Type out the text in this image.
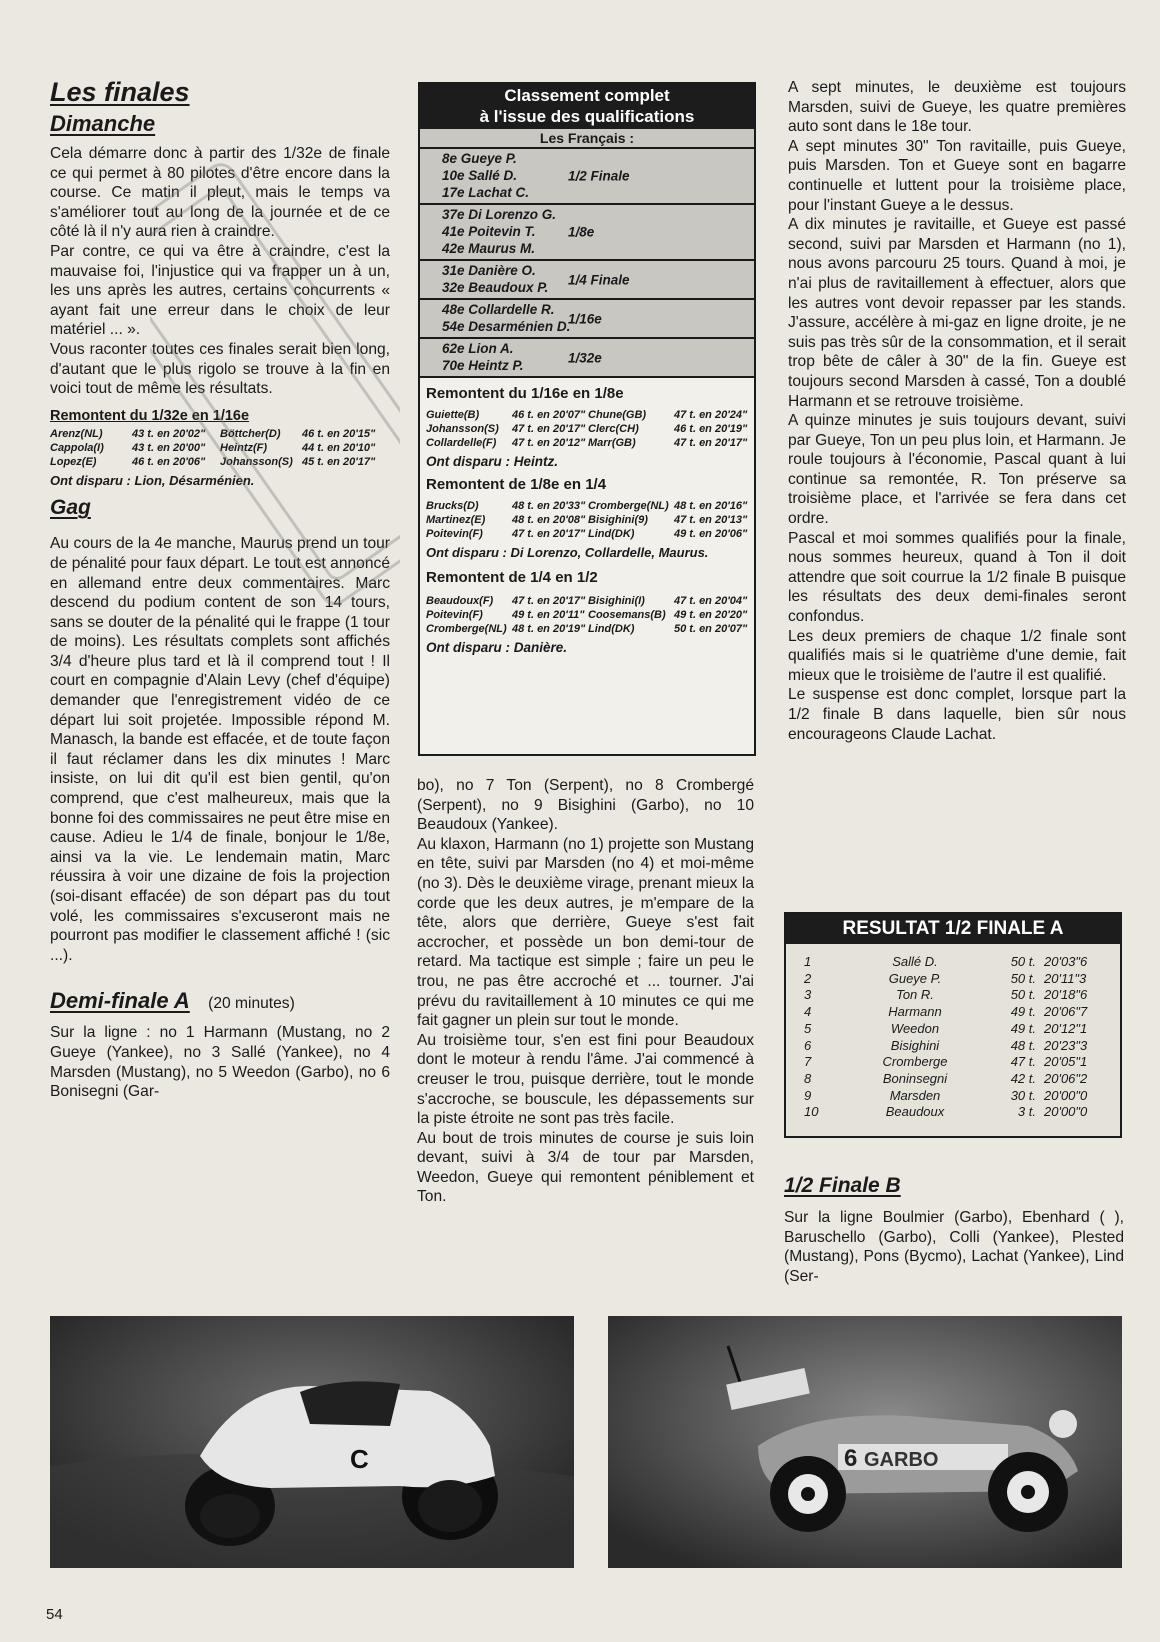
Les finales
Dimanche

Cela démarre donc à partir des 1/32e de finale ce qui permet à 80 pilotes d'être encore dans la course. Ce matin il pleut, mais le temps va s'améliorer tout au long de la journée et de ce côté là il n'y aura rien à craindre.

Par contre, ce qui va être à craindre, c'est la mauvaise foi, l'injustice qui va frapper un à un, les uns après les autres, certains concurrents « ayant fait une erreur dans le choix de leur matériel ... ».

Vous raconter toutes ces finales serait bien long, d'autant que le plus rigolo se trouve à la fin en voici tout de même les résultats.

Remontent du 1/32e en 1/16e
Arenz(NL)	43 t. en 20'02"	Böttcher(D)	46 t. en 20'15"
Cappola(I)	43 t. en 20'00"	Heintz(F)	44 t. en 20'10"
Lopez(E)	46 t. en 20'06"	Johansson(S) 45 t. en 20'17"
Ont disparu : Lion, Désarménien.
Gag

Au cours de la 4e manche, Maurus prend un tour de pénalité pour faux départ. Le tout est annoncé en allemand entre deux commentaires. Marc descend du podium content de son 14 tours, sans se douter de la pénalité qui le frappe (1 tour de moins). Les résultats complets sont affichés 3/4 d'heure plus tard et là il comprend tout ! Il court en compagnie d'Alain Levy (chef d'équipe) demander que l'enregistrement vidéo de ce départ lui soit projetée. Impossible répond M. Manasch, la bande est effacée, et de toute façon il faut réclamer dans les dix minutes ! Marc insiste, on lui dit qu'il est bien gentil, qu'on comprend, que c'est malheureux, mais que la bonne foi des commissaires ne peut être mise en cause. Adieu le 1/4 de finale, bonjour le 1/8e, ainsi va la vie. Le lendemain matin, Marc réussira à voir une dizaine de fois la projection (soi-disant effacée) de son départ pas du tout volé, les commissaires s'excuseront mais ne pourront pas modifier le classement affiché ! (sic ...).

Demi-finale A (20 minutes)

Sur la ligne : no 1 Harmann (Mustang, no 2 Gueye (Yankee), no 3 Sallé (Yankee), no 4 Marsden (Mustang), no 5 Weedon (Garbo), no 6 Bonisegni (Gar-

Classement complet
à l'issue des qualifications
Les Français :
8e Gueye P.
10e Sallé D.
17e Lachat C.
1/2 Finale
37e Di Lorenzo G.
41e Poitevin T.
42e Maurus M.
1/8e
31e Danière O.
32e Beaudoux P.
1/4 Finale
48e Collardelle R.
54e Desarménien D.
1/16e
62e Lion A.
70e Heintz P.
1/32e
Remontent du 1/16e en 1/8e
Guiette(B)	46 t. en 20'07" Chune(GB)	47 t. en 20'24"
Johansson(S)	47 t. en 20'17" Clerc(CH)	46 t. en 20'19"
Collardelle(F)	47 t. en 20'12" Marr(GB)	47 t. en 20'17"
Ont disparu : Heintz.
Remontent de 1/8e en 1/4
Brucks(D)	48 t. en 20'33" Cromberge(NL) 48 t. en 20'16"
Martinez(E)	48 t. en 20'08" Bisighini(9)	47 t. en 20'13"
Poitevin(F)	47 t. en 20'17" Lind(DK)	49 t. en 20'06"
Ont disparu : Di Lorenzo, Collardelle, Maurus.
Remontent de 1/4 en 1/2
Beaudoux(F)	47 t. en 20'17" Bisighini(I)	47 t. en 20'04"
Poitevin(F)	49 t. en 20'11" Coosemans(B) 49 t. en 20'20"
Cromberge(NL) 48 t. en 20'19" Lind(DK)	50 t. en 20'07"
Ont disparu : Danière.

bo), no 7 Ton (Serpent), no 8 Crombergé (Serpent), no 9 Bisighini (Garbo), no 10 Beaudoux (Yankee).

Au klaxon, Harmann (no 1) projette son Mustang en tête, suivi par Marsden (no 4) et moi-même (no 3). Dès le deuxième virage, prenant mieux la corde que les deux autres, je m'empare de la tête, alors que derrière, Gueye s'est fait accrocher, et possède un bon demi-tour de retard. Ma tactique est simple ; faire un peu le trou, ne pas être accroché et ... tourner. J'ai prévu du ravitaillement à 10 minutes ce qui me fait gagner un plein sur tout le monde.

Au troisième tour, s'en est fini pour Beaudoux dont le moteur à rendu l'âme. J'ai commencé à creuser le trou, puisque derrière, tout le monde s'accroche, se bouscule, les dépassements sur la piste étroite ne sont pas très facile.

Au bout de trois minutes de course je suis loin devant, suivi à 3/4 de tour par Marsden, Weedon, Gueye qui remontent péniblement et Ton.

A sept minutes, le deuxième est toujours Marsden, suivi de Gueye, les quatre premières auto sont dans le 18e tour.

A sept minutes 30" Ton ravitaille, puis Gueye, puis Marsden. Ton et Gueye sont en bagarre continuelle et luttent pour la troisième place, pour l'instant Gueye a le dessus.

A dix minutes je ravitaille, et Gueye est passé second, suivi par Marsden et Harmann (no 1), nous avons parcouru 25 tours. Quand à moi, je n'ai plus de ravitaillement à effectuer, alors que les autres vont devoir repasser par les stands. J'assure, accélère à mi-gaz en ligne droite, je ne suis pas très sûr de la consommation, et il serait trop bête de câler à 30" de la fin. Gueye est toujours second Marsden à cassé, Ton a doublé Harmann et se retrouve troisième.

A quinze minutes je suis toujours devant, suivi par Gueye, Ton un peu plus loin, et Harmann. Je roule toujours à l'économie, Pascal quant à lui continue sa remontée, R. Ton préserve sa troisième place, et l'arrivée se fera dans cet ordre.

Pascal et moi sommes qualifiés pour la finale, nous sommes heureux, quand à Ton il doit attendre que soit courrue la 1/2 finale B puisque les résultats des deux demi-finales seront confondus.

Les deux premiers de chaque 1/2 finale sont qualifiés mais si le quatrième d'une demie, fait mieux que le troisième de l'autre il est qualifié.

Le suspense est donc complet, lorsque part la 1/2 finale B dans laquelle, bien sûr nous encourageons Claude Lachat.

RESULTAT 1/2 FINALE A
1	Sallé D.	50 t. 20'03"6
2	Gueye P.	50 t. 20'11"3
3	Ton R.	50 t. 20'18"6
4	Harmann	49 t. 20'06"7
5	Weedon	49 t. 20'12"1
6	Bisighini	48 t. 20'23"3
7	Cromberge	47 t. 20'05"1
8	Boninsegni	42 t. 20'06"2
9	Marsden	30 t. 20'00"0
10	Beaudoux	3 t. 20'00"0
1/2 Finale B

Sur la ligne Boulmier (Garbo), Ebenhard ( ), Baruschello (Garbo), Colli (Yankee), Plested (Mustang), Pons (Bycmo), Lachat (Yankee), Lind (Ser-

C	6 GARBO
54
